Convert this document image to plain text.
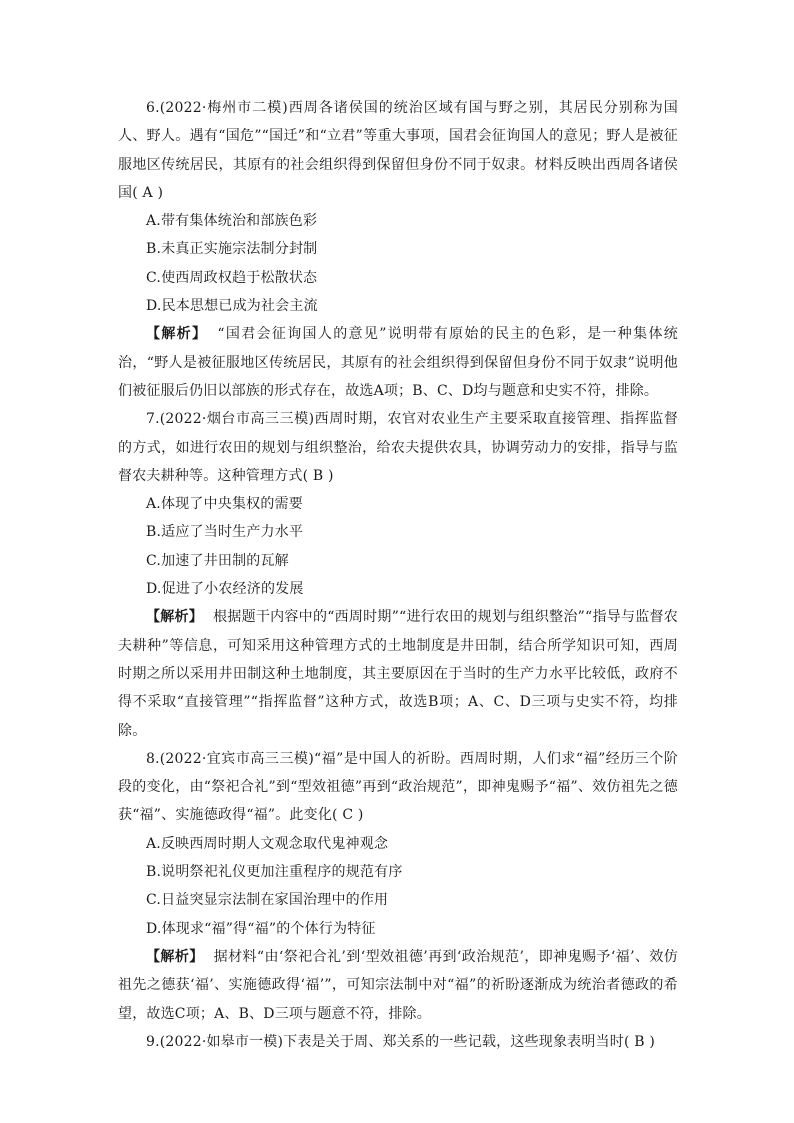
6.(2022·梅州市二模)西周各诸侯国的统治区域有国与野之别，其居民分别称为国人、野人。遇有“国危”“国迁”和“立君”等重大事项，国君会征询国人的意见；野人是被征服地区传统居民，其原有的社会组织得到保留但身份不同于奴隶。材料反映出西周各诸侯国( A )

A.带有集体统治和部族色彩

B.未真正实施宗法制分封制

C.使西周政权趋于松散状态

D.民本思想已成为社会主流

【解析】 “国君会征询国人的意见”说明带有原始的民主的色彩，是一种集体统治，“野人是被征服地区传统居民，其原有的社会组织得到保留但身份不同于奴隶”说明他们被征服后仍旧以部族的形式存在，故选A项；B、C、D均与题意和史实不符，排除。

7.(2022·烟台市高三三模)西周时期，农官对农业生产主要采取直接管理、指挥监督的方式，如进行农田的规划与组织整治，给农夫提供农具，协调劳动力的安排，指导与监督农夫耕种等。这种管理方式( B )

A.体现了中央集权的需要

B.适应了当时生产力水平

C.加速了井田制的瓦解

D.促进了小农经济的发展

【解析】 根据题干内容中的“西周时期”“进行农田的规划与组织整治”“指导与监督农夫耕种”等信息，可知采用这种管理方式的土地制度是井田制，结合所学知识可知，西周时期之所以采用井田制这种土地制度，其主要原因在于当时的生产力水平比较低，政府不得不采取“直接管理”“指挥监督”这种方式，故选B项；A、C、D三项与史实不符，均排除。

8.(2022·宜宾市高三三模)“福”是中国人的祈盼。西周时期，人们求“福”经历三个阶段的变化，由“祭祀合礼”到“型效祖德”再到“政治规范”，即神鬼赐予“福”、效仿祖先之德获“福”、实施德政得“福”。此变化( C )

A.反映西周时期人文观念取代鬼神观念

B.说明祭祀礼仪更加注重程序的规范有序

C.日益突显宗法制在家国治理中的作用

D.体现求“福”得“福”的个体行为特征

【解析】 据材料“由‘祭祀合礼’到‘型效祖德’再到‘政治规范’，即神鬼赐予‘福’、效仿祖先之德获‘福’、实施德政得‘福’”，可知宗法制中对“福”的祈盼逐渐成为统治者德政的希望，故选C项；A、B、D三项与题意不符，排除。

9.(2022·如皋市一模)下表是关于周、郑关系的一些记载，这些现象表明当时( B )
